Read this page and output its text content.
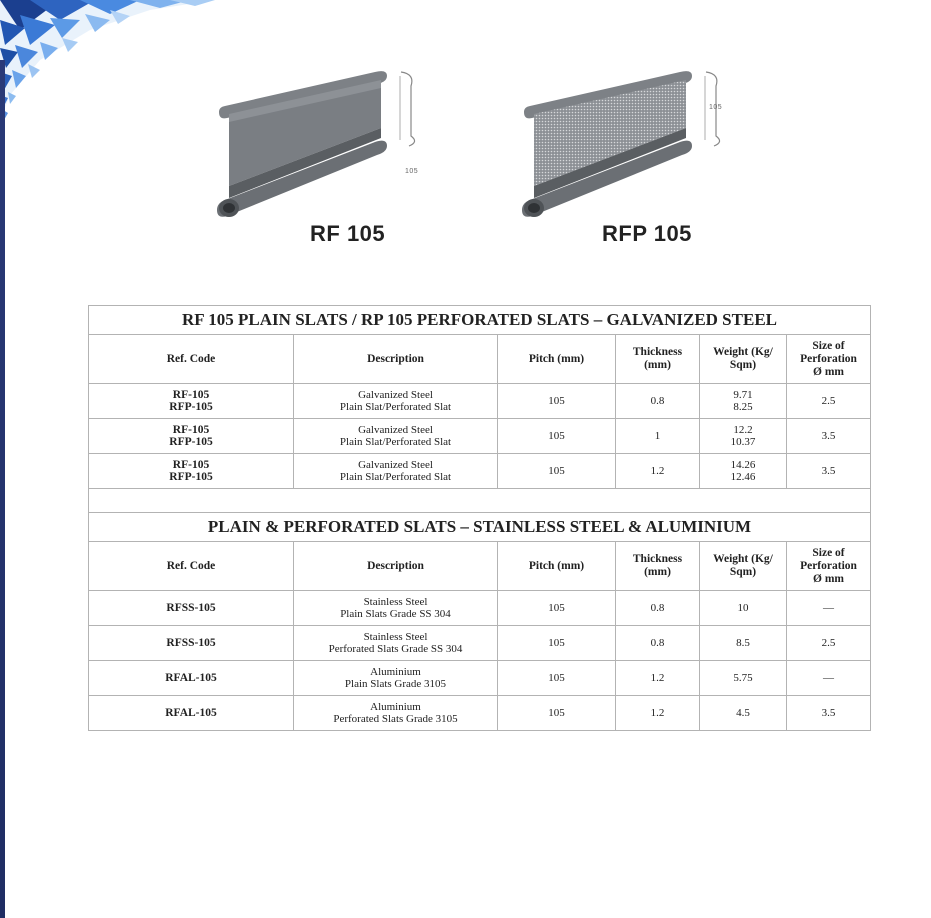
105
RF 105
105
RFP 105
RF 105 PLAIN SLATS / RP 105 PERFORATED SLATS – GALVANIZED STEEL					
Ref. Code	Description	Pitch (mm)	Thickness
(mm)	Weight (Kg/
Sqm)	Size of
Perforation
Ø mm

RF-105
RFP-105	Galvanized Steel
Plain Slat/Perforated Slat	105	0.8	9.71
8.25	2.5

RF-105
RFP-105	Galvanized Steel
Plain Slat/Perforated Slat	105	1	12.2
10.37	3.5

RF-105
RFP-105	Galvanized Steel
Plain Slat/Perforated Slat	105	1.2	14.26
12.46	3.5

PLAIN & PERFORATED SLATS – STAINLESS STEEL & ALUMINIUM					
Ref. Code	Description	Pitch (mm)	Thickness
(mm)	Weight (Kg/
Sqm)	Size of
Perforation
Ø mm

RFSS-105	Stainless Steel
Plain Slats Grade SS 304	105	0.8	10	—
RFSS-105	Stainless Steel
Perforated Slats Grade SS 304	105	0.8	8.5	2.5
RFAL-105	Aluminium
Plain Slats Grade 3105	105	1.2	5.75	—
RFAL-105	Aluminium
Perforated Slats Grade 3105	105	1.2	4.5	3.5
